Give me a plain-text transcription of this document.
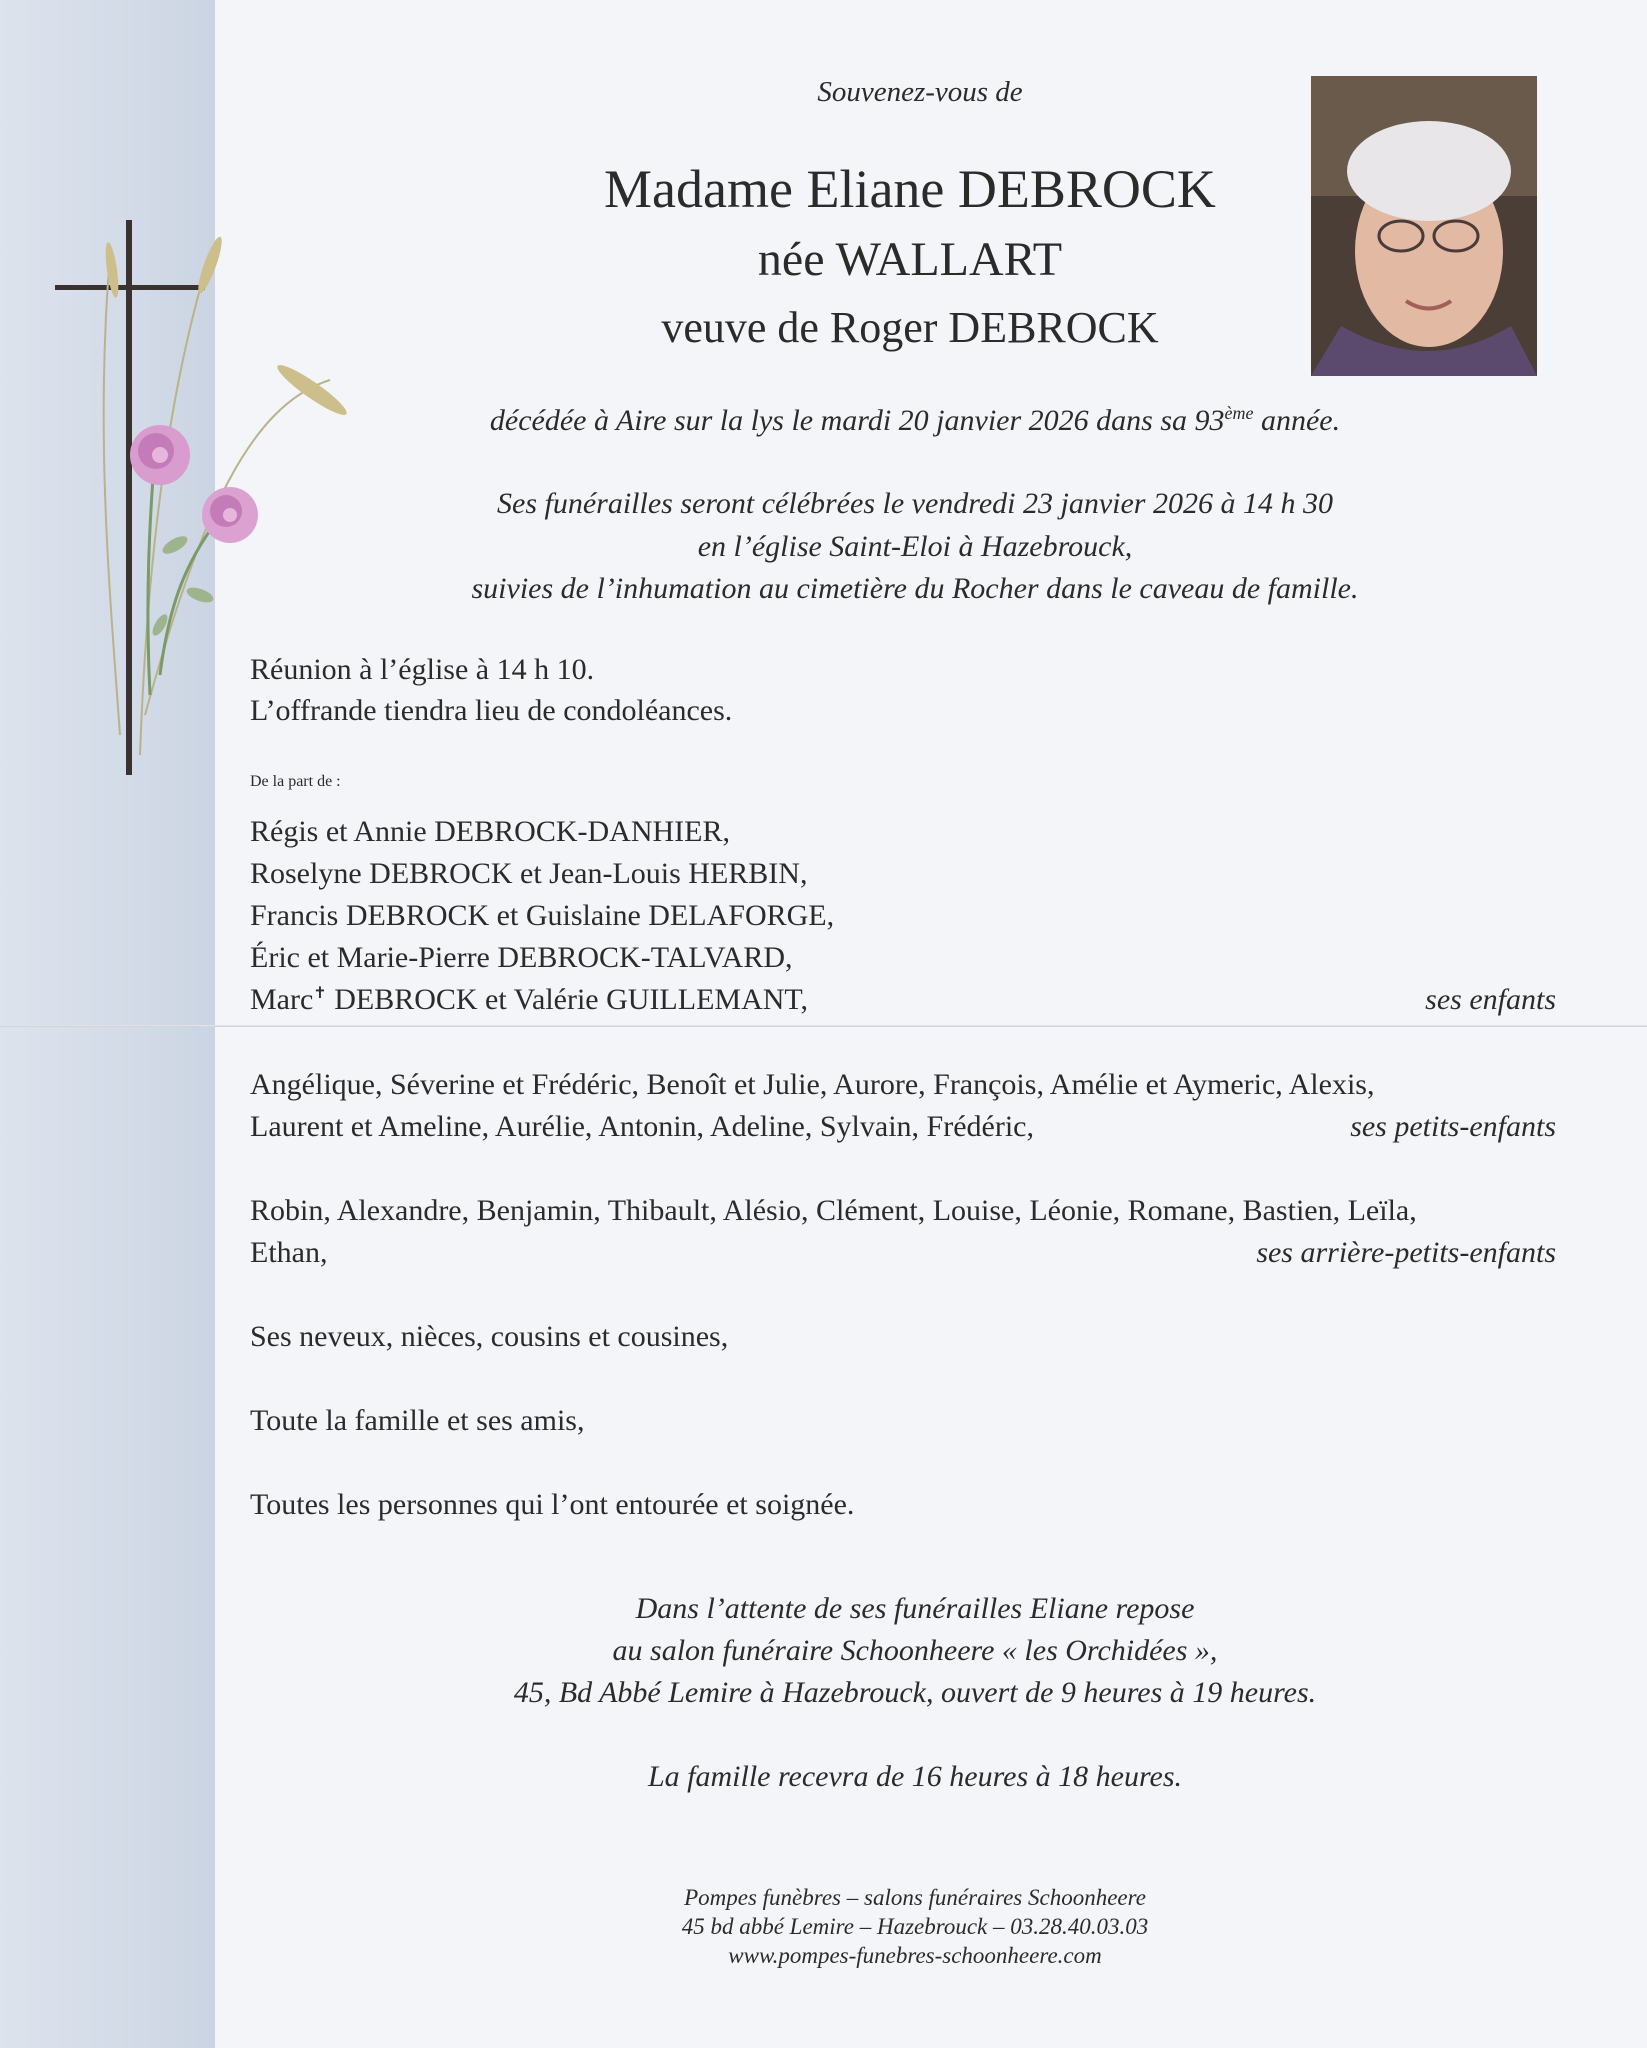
Souvenez-vous de

Madame Eliane DEBROCK

née WALLART

veuve de Roger DEBROCK

décédée à Aire sur la lys le mardi 20 janvier 2026 dans sa 93ème année.

Ses funérailles seront célébrées le vendredi 23 janvier 2026 à 14 h 30

en l’église Saint-Eloi à Hazebrouck,

suivies de l’inhumation au cimetière du Rocher dans le caveau de famille.

Réunion à l’église à 14 h 10.

L’offrande tiendra lieu de condoléances.

De la part de :

Régis et Annie DEBROCK-DANHIER,

Roselyne DEBROCK et Jean-Louis HERBIN,

Francis DEBROCK et Guislaine DELAFORGE,

Éric et Marie-Pierre DEBROCK-TALVARD,

Marc✝ DEBROCK et Valérie GUILLEMANT,	ses enfants

Angélique, Séverine et Frédéric, Benoît et Julie, Aurore, François, Amélie et Aymeric, Alexis,

Laurent et Ameline, Aurélie, Antonin, Adeline, Sylvain, Frédéric,	ses petits-enfants

Robin, Alexandre, Benjamin, Thibault, Alésio, Clément, Louise, Léonie, Romane, Bastien, Leïla,

Ethan,	ses arrière-petits-enfants

Ses neveux, nièces, cousins et cousines,

Toute la famille et ses amis,

Toutes les personnes qui l’ont entourée et soignée.

Dans l’attente de ses funérailles Eliane repose

au salon funéraire Schoonheere « les Orchidées »,

45, Bd Abbé Lemire à Hazebrouck, ouvert de 9 heures à 19 heures.

La famille recevra de 16 heures à 18 heures.

Pompes funèbres – salons funéraires Schoonheere

45 bd abbé Lemire – Hazebrouck – 03.28.40.03.03

www.pompes-funebres-schoonheere.com
